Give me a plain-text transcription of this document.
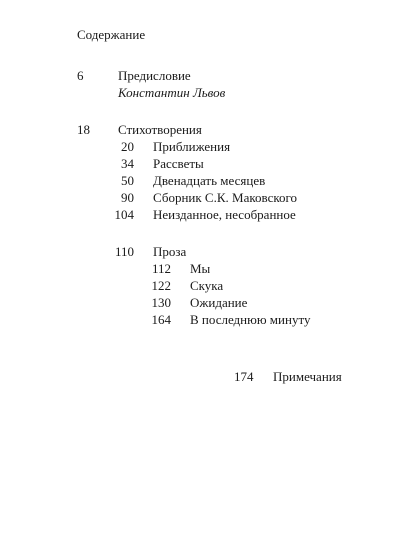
Содержание
6	Предисловие
Константин Львов
18 Стихотворения
20 Приближения
34 Рассветы
50 Двенадцать месяцев
90 Сборник С.К. Маковского
104 Неизданное, несобранное
110 Проза
112 Мы
122 Скука
130 Ожидание
164 В последнюю минуту
174 Примечания
